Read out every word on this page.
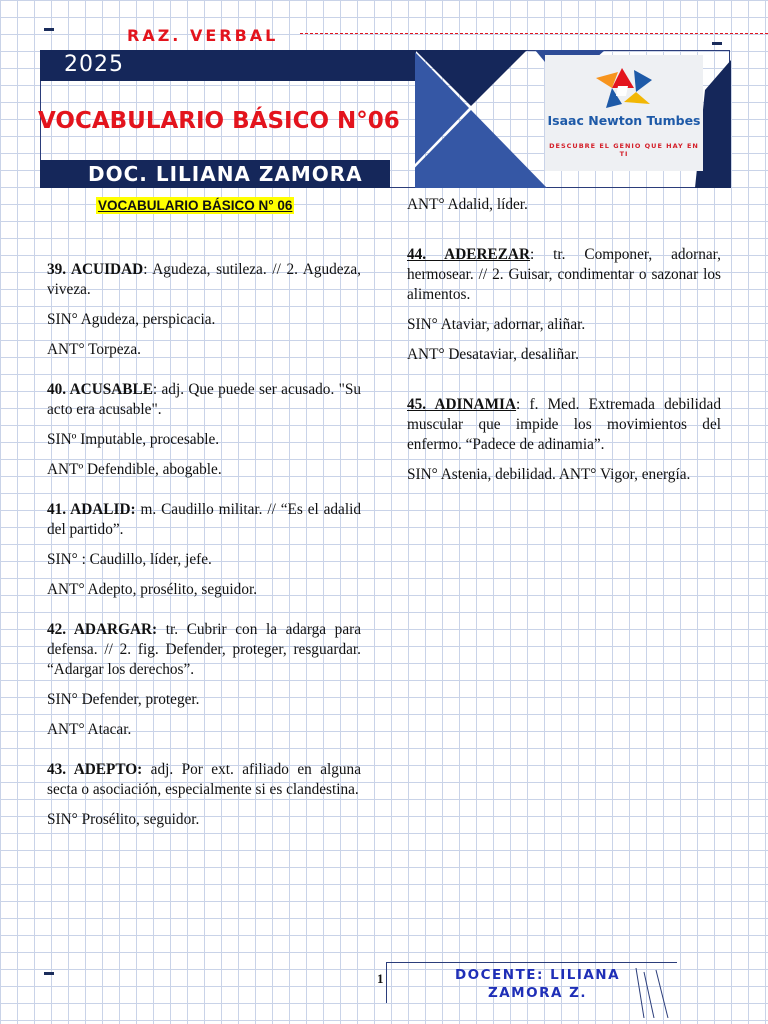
RAZ. VERBAL
2025
Isaac Newton Tumbes
DESCUBRE EL GENIO QUE HAY EN TI
VOCABULARIO BÁSICO N°06
DOC. LILIANA ZAMORA
VOCABULARIO BÁSICO N° 06

39. ACUIDAD: Agudeza, sutileza. // 2. Agudeza, viveza.

SIN° Agudeza, perspicacia.

ANT° Torpeza.

40. ACUSABLE: adj. Que puede ser acusado. "Su acto era acusable".

SINº Imputable, procesable.

ANTº Defendible, abogable.

41. ADALID: m. Caudillo militar. // “Es el adalid del partido”.

SIN° : Caudillo, líder, jefe.

ANT° Adepto, prosélito, seguidor.

42. ADARGAR: tr. Cubrir con la adarga para defensa. // 2. fig. Defender, proteger, resguardar. “Adargar los derechos”.

SIN° Defender, proteger.

ANT° Atacar.

43. ADEPTO: adj. Por ext. afiliado en alguna secta o asociación, especialmente si es clandestina.

SIN° Prosélito, seguidor.

ANT° Adalid, líder.

44. ADEREZAR: tr. Componer, adornar, hermosear. // 2. Guisar, condimentar o sazonar los alimentos.

SIN° Ataviar, adornar, aliñar.

ANT° Desataviar, desaliñar.

45. ADINAMIA: f. Med. Extremada debilidad muscular que impide los movimientos del enfermo. “Padece de adinamia”.

SIN° Astenia, debilidad. ANT° Vigor, energía.

1	DOCENTE: LILIANA ZAMORA Z.
